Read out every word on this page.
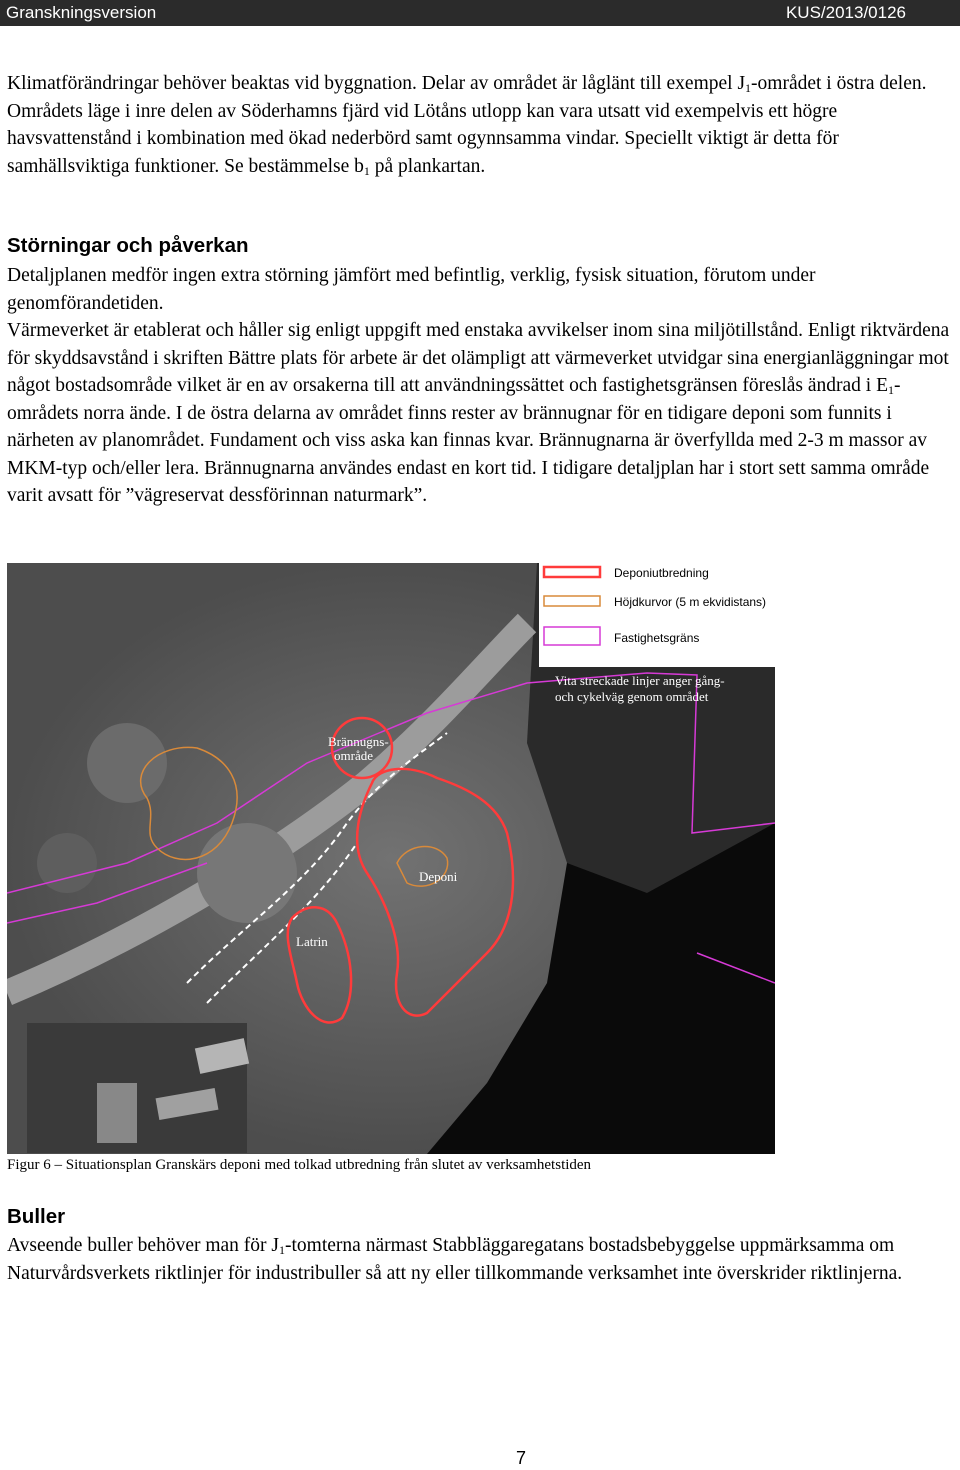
Granskningsversion	KUS/2013/0126

Klimatförändringar behöver beaktas vid byggnation. Delar av området är låglänt till exempel $J_1$-området i östra delen. Områdets läge i inre delen av Söderhamns fjärd vid Lötåns utlopp kan vara utsatt vid exempelvis ett högre havsvattenstånd i kombination med ökad nederbörd samt ogynnsamma vindar. Speciellt viktigt är detta för samhällsviktiga funktioner. Se bestämmelse $b_1$ på plankartan.

Störningar och påverkan

Detaljplanen medför ingen extra störning jämfört med befintlig, verklig, fysisk situation, förutom under genomförandetiden.

Värmeverket är etablerat och håller sig enligt uppgift med enstaka avvikelser inom sina miljötillstånd. Enligt riktvärdena för skyddsavstånd i skriften Bättre plats för arbete är det olämpligt att värmeverket utvidgar sina energianläggningar mot något bostadsområde vilket är en av orsakerna till att användningssättet och fastighetsgränsen föreslås ändrad i $E_1$-områdets norra ände. I de östra delarna av området finns rester av brännugnar för en tidigare deponi som funnits i närheten av planområdet. Fundament och viss aska kan finnas kvar. Brännugnarna är överfyllda med 2-3 m massor av MKM-typ och/eller lera. Brännugnarna användes endast en kort tid. I tidigare detaljplan har i stort sett samma område varit avsatt för ”vägreservat dessförinnan naturmark”.

Brännugns-
område
Deponi
Latrin
Vita streckade linjer anger gång-
och cykelväg genom området
Deponiutbredning
Höjdkurvor (5 m ekvidistans)
Fastighetsgräns
Figur 6 – Situationsplan Granskärs deponi med tolkad utbredning från slutet av verksamhetstiden
Buller

Avseende buller behöver man för $J_1$-tomterna närmast Stabbläggaregatans bostadsbebyggelse uppmärksamma om Naturvårdsverkets riktlinjer för industribuller så att ny eller tillkommande verksamhet inte överskrider riktlinjerna.

7
